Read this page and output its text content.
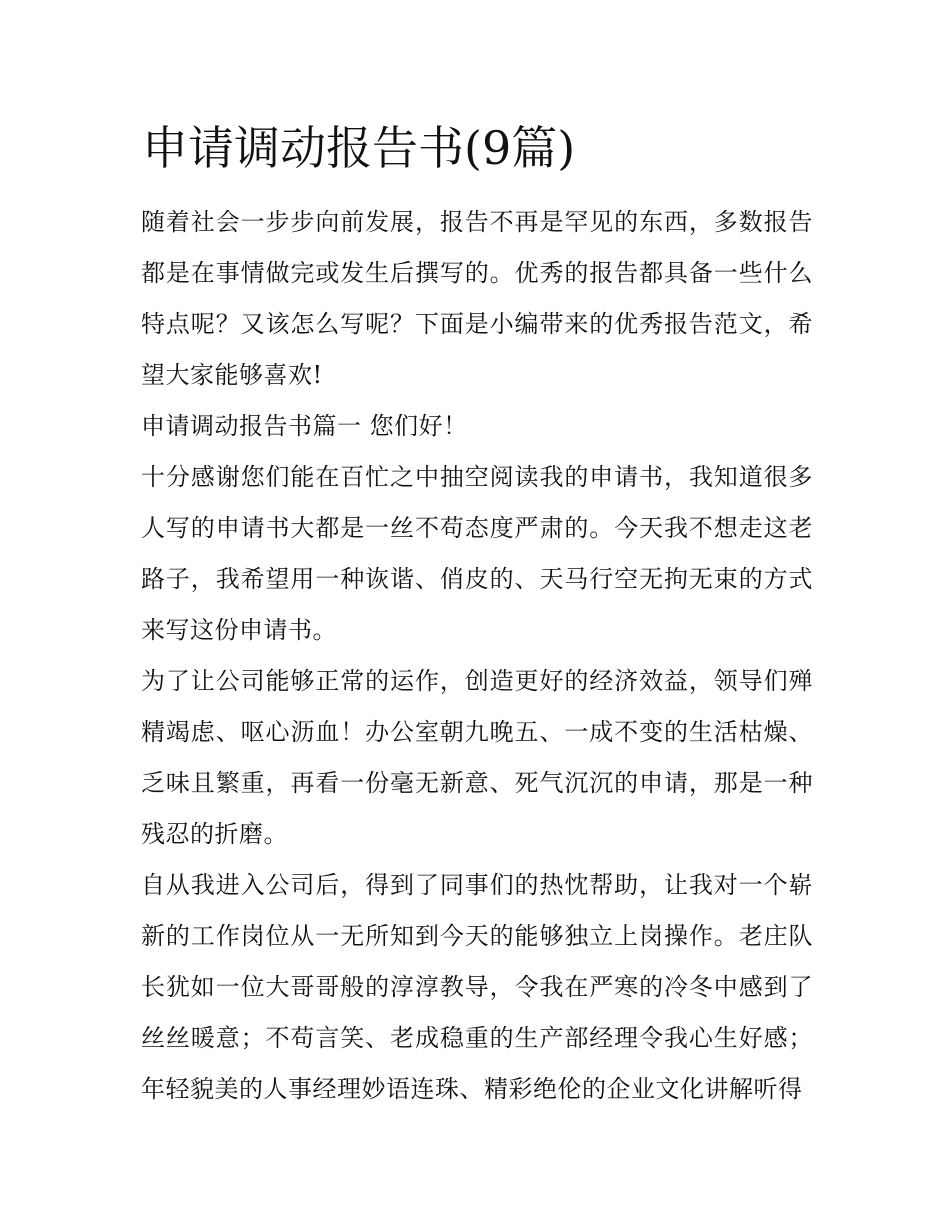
申请调动报告书(9篇)

随着社会一步步向前发展，报告不再是罕见的东西，多数报告都是在事情做完或发生后撰写的。优秀的报告都具备一些什么特点呢？又该怎么写呢？下面是小编带来的优秀报告范文，希望大家能够喜欢!

申请调动报告书篇一 您们好！

十分感谢您们能在百忙之中抽空阅读我的申请书，我知道很多人写的申请书大都是一丝不苟态度严肃的。今天我不想走这老路子，我希望用一种诙谐、俏皮的、天马行空无拘无束的方式来写这份申请书。

为了让公司能够正常的运作，创造更好的经济效益，领导们殚精竭虑、呕心沥血！办公室朝九晚五、一成不变的生活枯燥、乏味且繁重，再看一份毫无新意、死气沉沉的申请，那是一种残忍的折磨。

自从我进入公司后，得到了同事们的热忱帮助，让我对一个崭新的工作岗位从一无所知到今天的能够独立上岗操作。老庄队长犹如一位大哥哥般的淳淳教导，令我在严寒的冷冬中感到了丝丝暖意；不苟言笑、老成稳重的生产部经理令我心生好感；年轻貌美的人事经理妙语连珠、精彩绝伦的企业文化讲解听得
